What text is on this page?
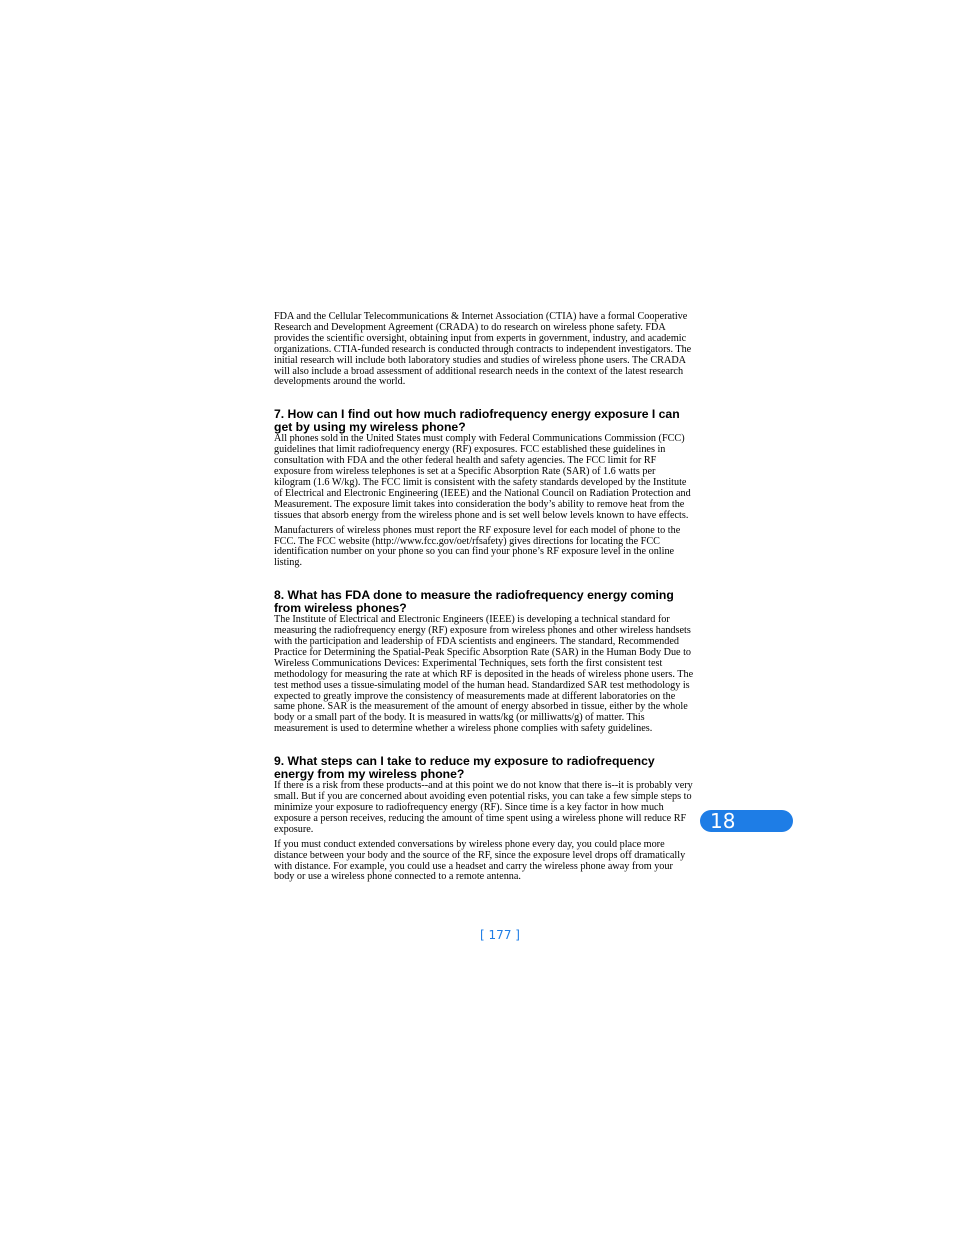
FDA and the Cellular Telecommunications & Internet Association (CTIA) have a formal Cooperative Research and Development Agreement (CRADA) to do research on wireless phone safety. FDA provides the scientific oversight, obtaining input from experts in government, industry, and academic organizations. CTIA-funded research is conducted through contracts to independent investigators. The initial research will include both laboratory studies and studies of wireless phone users. The CRADA will also include a broad assessment of additional research needs in the context of the latest research developments around the world.

7. How can I find out how much radiofrequency energy exposure I can get by using my wireless phone?

All phones sold in the United States must comply with Federal Communications Commission (FCC) guidelines that limit radiofrequency energy (RF) exposures. FCC established these guidelines in consultation with FDA and the other federal health and safety agencies. The FCC limit for RF exposure from wireless telephones is set at a Specific Absorption Rate (SAR) of 1.6 watts per kilogram (1.6 W/kg). The FCC limit is consistent with the safety standards developed by the Institute of Electrical and Electronic Engineering (IEEE) and the National Council on Radiation Protection and Measurement. The exposure limit takes into consideration the body’s ability to remove heat from the tissues that absorb energy from the wireless phone and is set well below levels known to have effects.

Manufacturers of wireless phones must report the RF exposure level for each model of phone to the FCC. The FCC website (http://www.fcc.gov/oet/rfsafety) gives directions for locating the FCC identification number on your phone so you can find your phone’s RF exposure level in the online listing.

8. What has FDA done to measure the radiofrequency energy coming from wireless phones?

The Institute of Electrical and Electronic Engineers (IEEE) is developing a technical standard for measuring the radiofrequency energy (RF) exposure from wireless phones and other wireless handsets with the participation and leadership of FDA scientists and engineers. The standard, Recommended Practice for Determining the Spatial-Peak Specific Absorption Rate (SAR) in the Human Body Due to Wireless Communications Devices: Experimental Techniques, sets forth the first consistent test methodology for measuring the rate at which RF is deposited in the heads of wireless phone users. The test method uses a tissue-simulating model of the human head. Standardized SAR test methodology is expected to greatly improve the consistency of measurements made at different laboratories on the same phone. SAR is the measurement of the amount of energy absorbed in tissue, either by the whole body or a small part of the body. It is measured in watts/kg (or milliwatts/g) of matter. This measurement is used to determine whether a wireless phone complies with safety guidelines.

9. What steps can I take to reduce my exposure to radiofrequency energy from my wireless phone?

If there is a risk from these products--and at this point we do not know that there is--it is probably very small. But if you are concerned about avoiding even potential risks, you can take a few simple steps to minimize your exposure to radiofrequency energy (RF). Since time is a key factor in how much exposure a person receives, reducing the amount of time spent using a wireless phone will reduce RF exposure.

If you must conduct extended conversations by wireless phone every day, you could place more distance between your body and the source of the RF, since the exposure level drops off dramatically with distance. For example, you could use a headset and carry the wireless phone away from your body or use a wireless phone connected to a remote antenna.

18
[ 177 ]
